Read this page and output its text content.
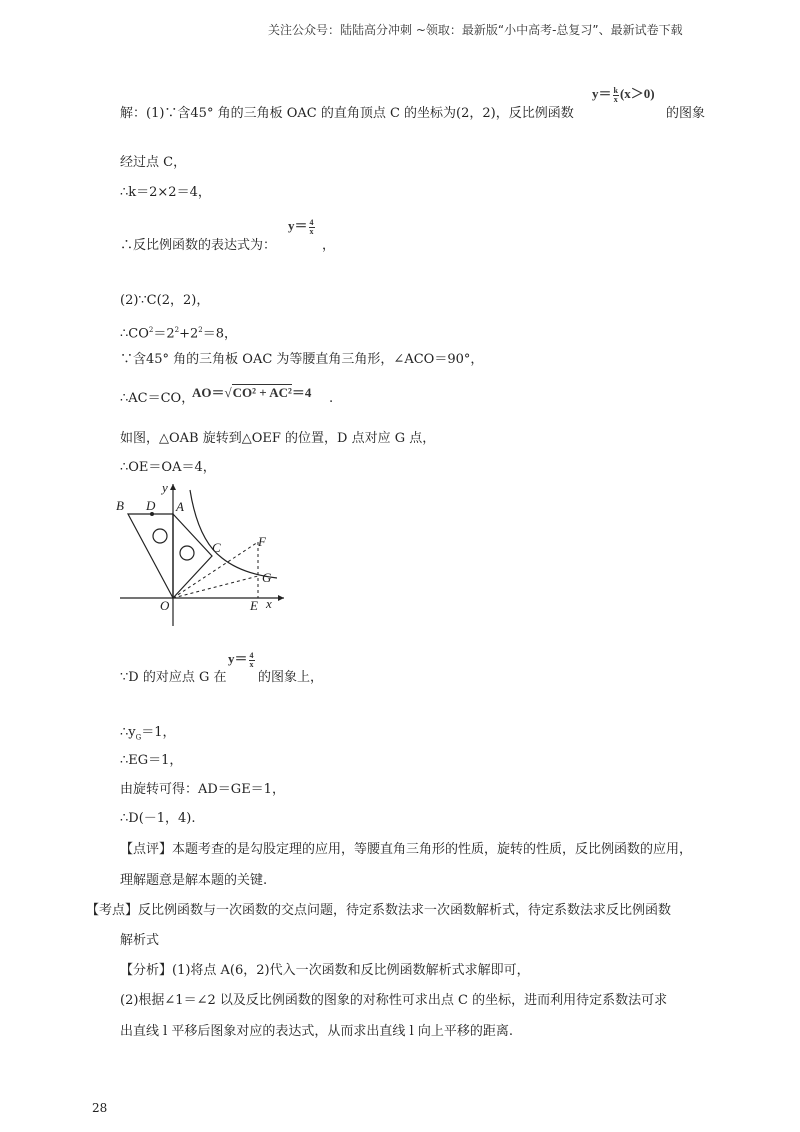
关注公众号：陆陆高分冲刺 ~领取：最新版“小中高考-总复习”、最新试卷下载
解：(1)∵含45° 角的三角板 OAC 的直角顶点 C 的坐标为(2，2)，反比例函数
$y= \frac{k}{x} (x>0)$
的图象
经过点 C，
∴k＝2×2＝4，
∴反比例函数的表达式为：
$y= \frac{4}{x}$
，
(2)∵C(2，2)，
$\therefore CO^2=2^2+2^2=8$，
∵含45° 角的三角板 OAC 为等腰直角三角形，∠ACO＝90°，
∴AC＝CO，
AO＝√CO² + AC²＝4 .
如图，△OAB 旋转到△OEF 的位置，D 点对应 G 点，
∴OE＝OA＝4，
B D A
C	F
G
O	E x
y
∵D 的对应点 G 在
$y= \frac{4}{x}$
的图象上，
$\therefore y_G=1$，
∴EG＝1，
由旋转可得：AD＝GE＝1，
∴D(－1，4).
【点评】本题考查的是勾股定理的应用，等腰直角三角形的性质，旋转的性质，反比例函数的应用，
理解题意是解本题的关键.
【考点】反比例函数与一次函数的交点问题，待定系数法求一次函数解析式，待定系数法求反比例函数
解析式
【分析】(1)将点 A(6，2)代入一次函数和反比例函数解析式求解即可，
(2)根据∠1＝∠2 以及反比例函数的图象的对称性可求出点 C 的坐标，进而利用待定系数法可求
出直线 l 平移后图象对应的表达式，从而求出直线 l 向上平移的距离.
28
